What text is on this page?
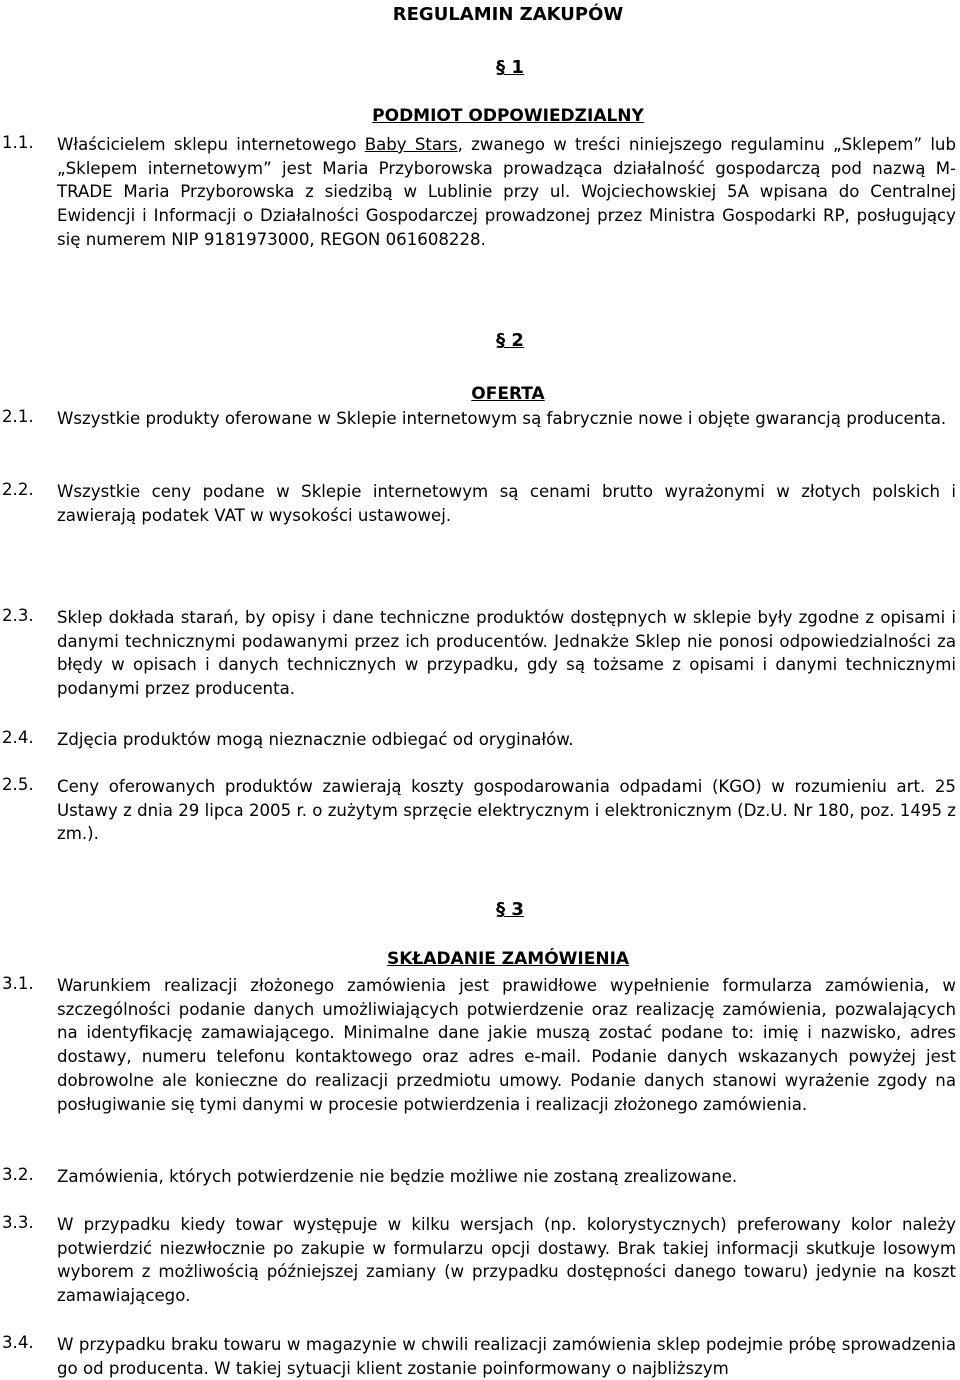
REGULAMIN ZAKUPÓW
§ 1
PODMIOT ODPOWIEDZIALNY
1.1. Właścicielem sklepu internetowego Baby Stars, zwanego w treści niniejszego regulaminu „Sklepem” lub „Sklepem internetowym” jest Maria Przyborowska prowadząca działalność gospodarczą pod nazwą M-TRADE Maria Przyborowska z siedzibą w Lublinie przy ul. Wojciechowskiej 5A wpisana do Centralnej Ewidencji i Informacji o Działalności Gospodarczej prowadzonej przez Ministra Gospodarki RP, posługujący się numerem NIP 9181973000, REGON 061608228.
§ 2
OFERTA
2.1. Wszystkie produkty oferowane w Sklepie internetowym są fabrycznie nowe i objęte gwarancją producenta.
2.2. Wszystkie ceny podane w Sklepie internetowym są cenami brutto wyrażonymi w złotych polskich i zawierają podatek VAT w wysokości ustawowej.
2.3. Sklep dokłada starań, by opisy i dane techniczne produktów dostępnych w sklepie były zgodne z opisami i danymi technicznymi podawanymi przez ich producentów. Jednakże Sklep nie ponosi odpowiedzialności za błędy w opisach i danych technicznych w przypadku, gdy są tożsame z opisami i danymi technicznymi podanymi przez producenta.
2.4. Zdjęcia produktów mogą nieznacznie odbiegać od oryginałów.
2.5. Ceny oferowanych produktów zawierają koszty gospodarowania odpadami (KGO) w rozumieniu art. 25 Ustawy z dnia 29 lipca 2005 r. o zużytym sprzęcie elektrycznym i elektronicznym (Dz.U. Nr 180, poz. 1495 z zm.).
§ 3
SKŁADANIE ZAMÓWIENIA
3.1. Warunkiem realizacji złożonego zamówienia jest prawidłowe wypełnienie formularza zamówienia, w szczególności podanie danych umożliwiających potwierdzenie oraz realizację zamówienia, pozwalających na identyfikację zamawiającego. Minimalne dane jakie muszą zostać podane to: imię i nazwisko, adres dostawy, numeru telefonu kontaktowego oraz adres e-mail. Podanie danych wskazanych powyżej jest dobrowolne ale konieczne do realizacji przedmiotu umowy. Podanie danych stanowi wyrażenie zgody na posługiwanie się tymi danymi w procesie potwierdzenia i realizacji złożonego zamówienia.
3.2. Zamówienia, których potwierdzenie nie będzie możliwe nie zostaną zrealizowane.
3.3. W przypadku kiedy towar występuje w kilku wersjach (np. kolorystycznych) preferowany kolor należy potwierdzić niezwłocznie po zakupie w formularzu opcji dostawy. Brak takiej informacji skutkuje losowym wyborem z możliwością późniejszej zamiany (w przypadku dostępności danego towaru) jedynie na koszt zamawiającego.
3.4. W przypadku braku towaru w magazynie w chwili realizacji zamówienia sklep podejmie próbę sprowadzenia go od producenta. W takiej sytuacji klient zostanie poinformowany o najbliższym
